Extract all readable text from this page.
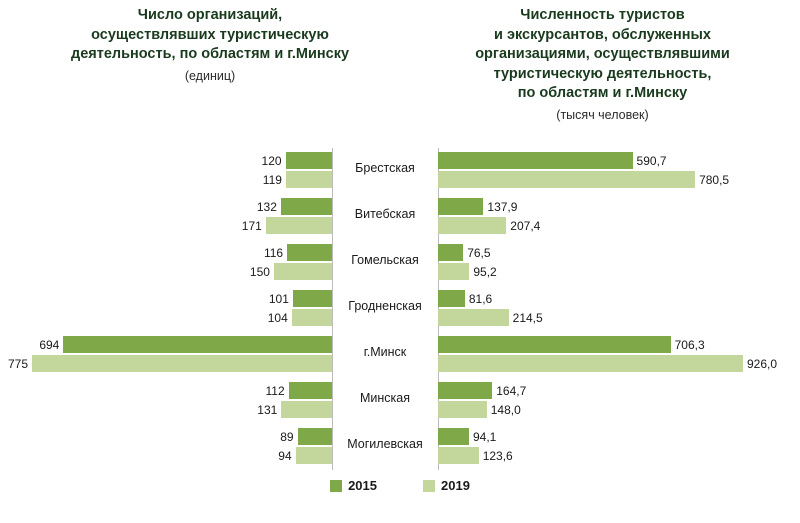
Число организаций,
осуществлявших туристическую
деятельность, по областям и г.Минску
(единиц)
Численность туристов
и экскурсантов, обслуженных
организациями, осуществлявшими
туристическую деятельность,
по областям и г.Минску
(тысяч человек)
120
119
Брестская
590,7
780,5
132
171
Витебская
137,9
207,4
116
150
Гомельская
76,5
95,2
101
104
Гродненская
81,6
214,5
694
775
г.Минск
706,3
926,0
112
131
Минская
164,7
148,0
89
94
Могилевская
94,1
123,6
2015	2019
